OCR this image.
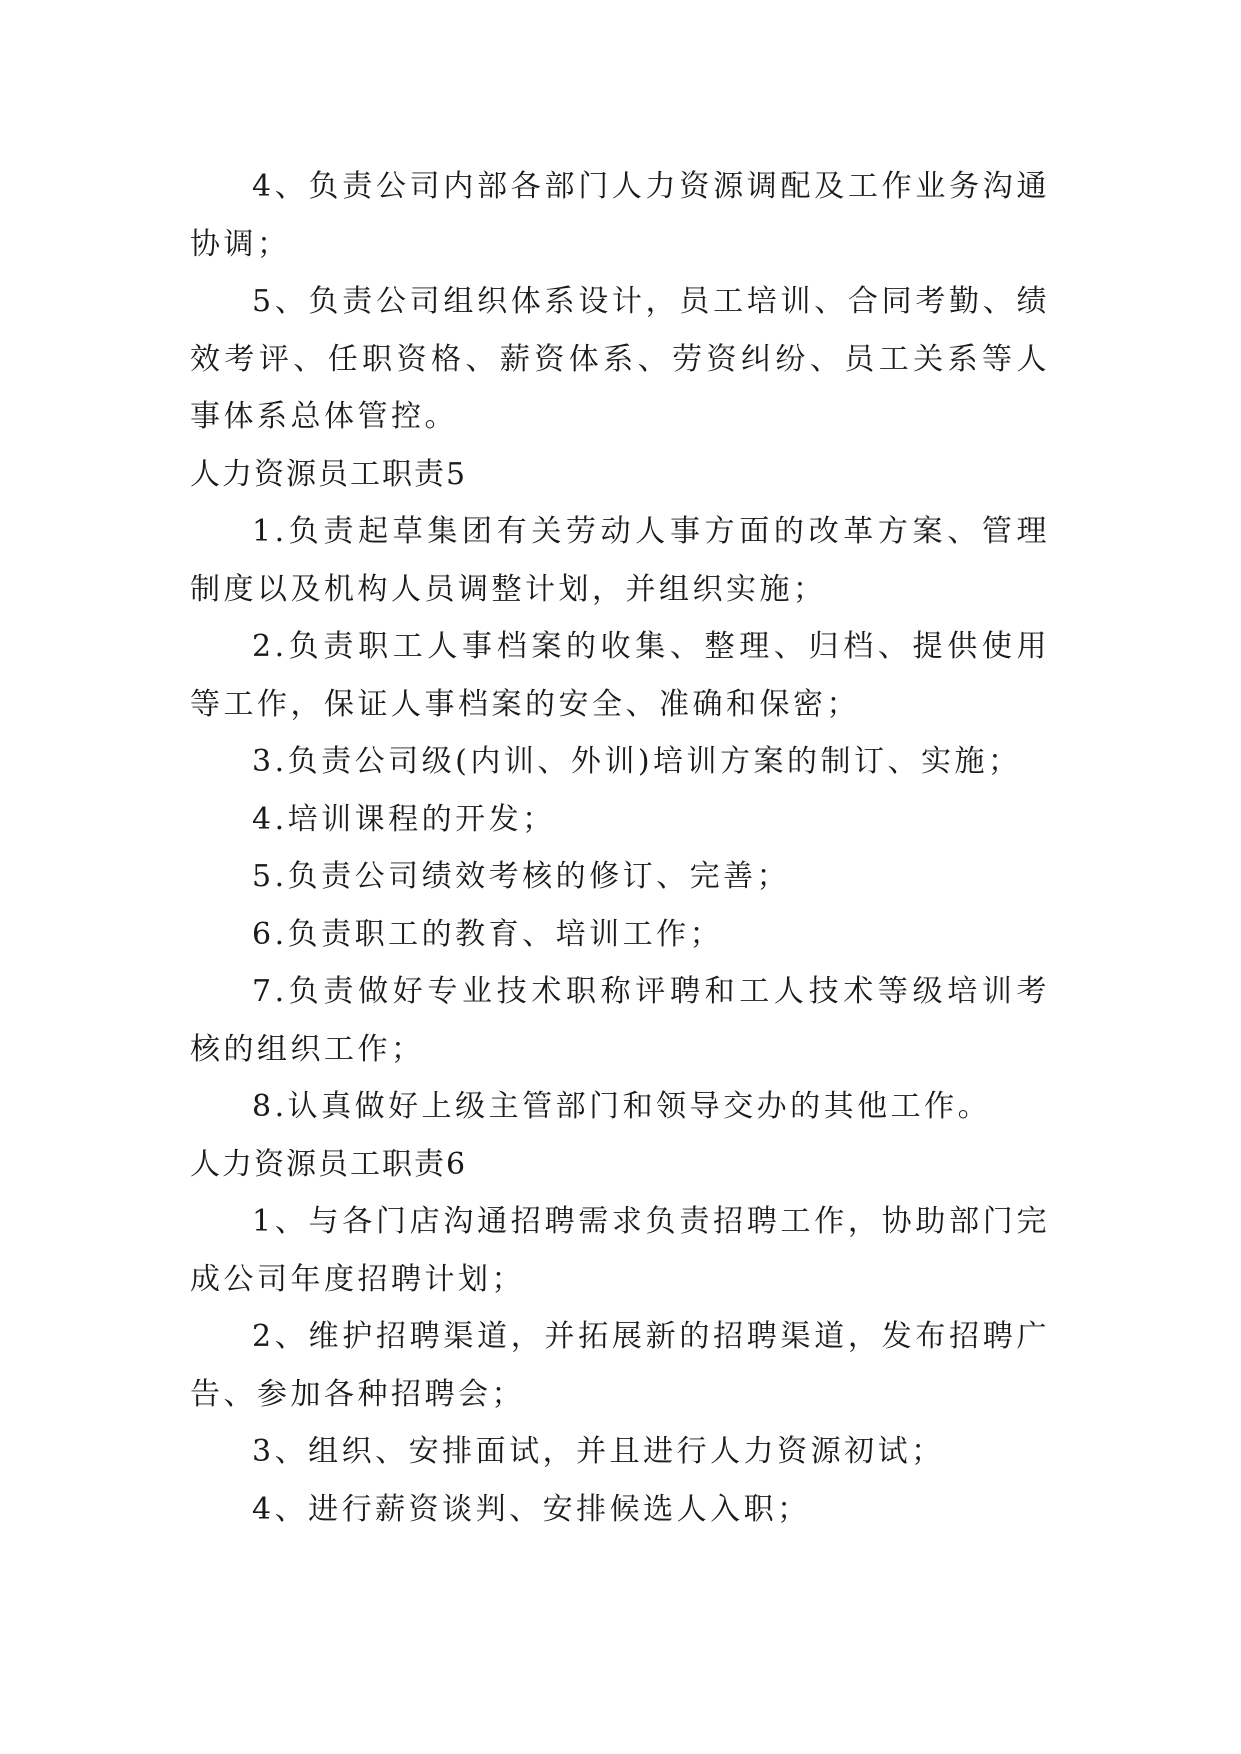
4、负责公司内部各部门人力资源调配及工作业务沟通协调；

5、负责公司组织体系设计，员工培训、合同考勤、绩效考评、任职资格、薪资体系、劳资纠纷、员工关系等人事体系总体管控。

人力资源员工职责5

1.负责起草集团有关劳动人事方面的改革方案、管理制度以及机构人员调整计划，并组织实施；

2.负责职工人事档案的收集、整理、归档、提供使用等工作，保证人事档案的安全、准确和保密；

3.负责公司级(内训、外训)培训方案的制订、实施；

4.培训课程的开发；

5.负责公司绩效考核的修订、完善；

6.负责职工的教育、培训工作；

7.负责做好专业技术职称评聘和工人技术等级培训考核的组织工作；

8.认真做好上级主管部门和领导交办的其他工作。

人力资源员工职责6

1、与各门店沟通招聘需求负责招聘工作，协助部门完成公司年度招聘计划；

2、维护招聘渠道，并拓展新的招聘渠道，发布招聘广告、参加各种招聘会；

3、组织、安排面试，并且进行人力资源初试；

4、进行薪资谈判、安排候选人入职；
